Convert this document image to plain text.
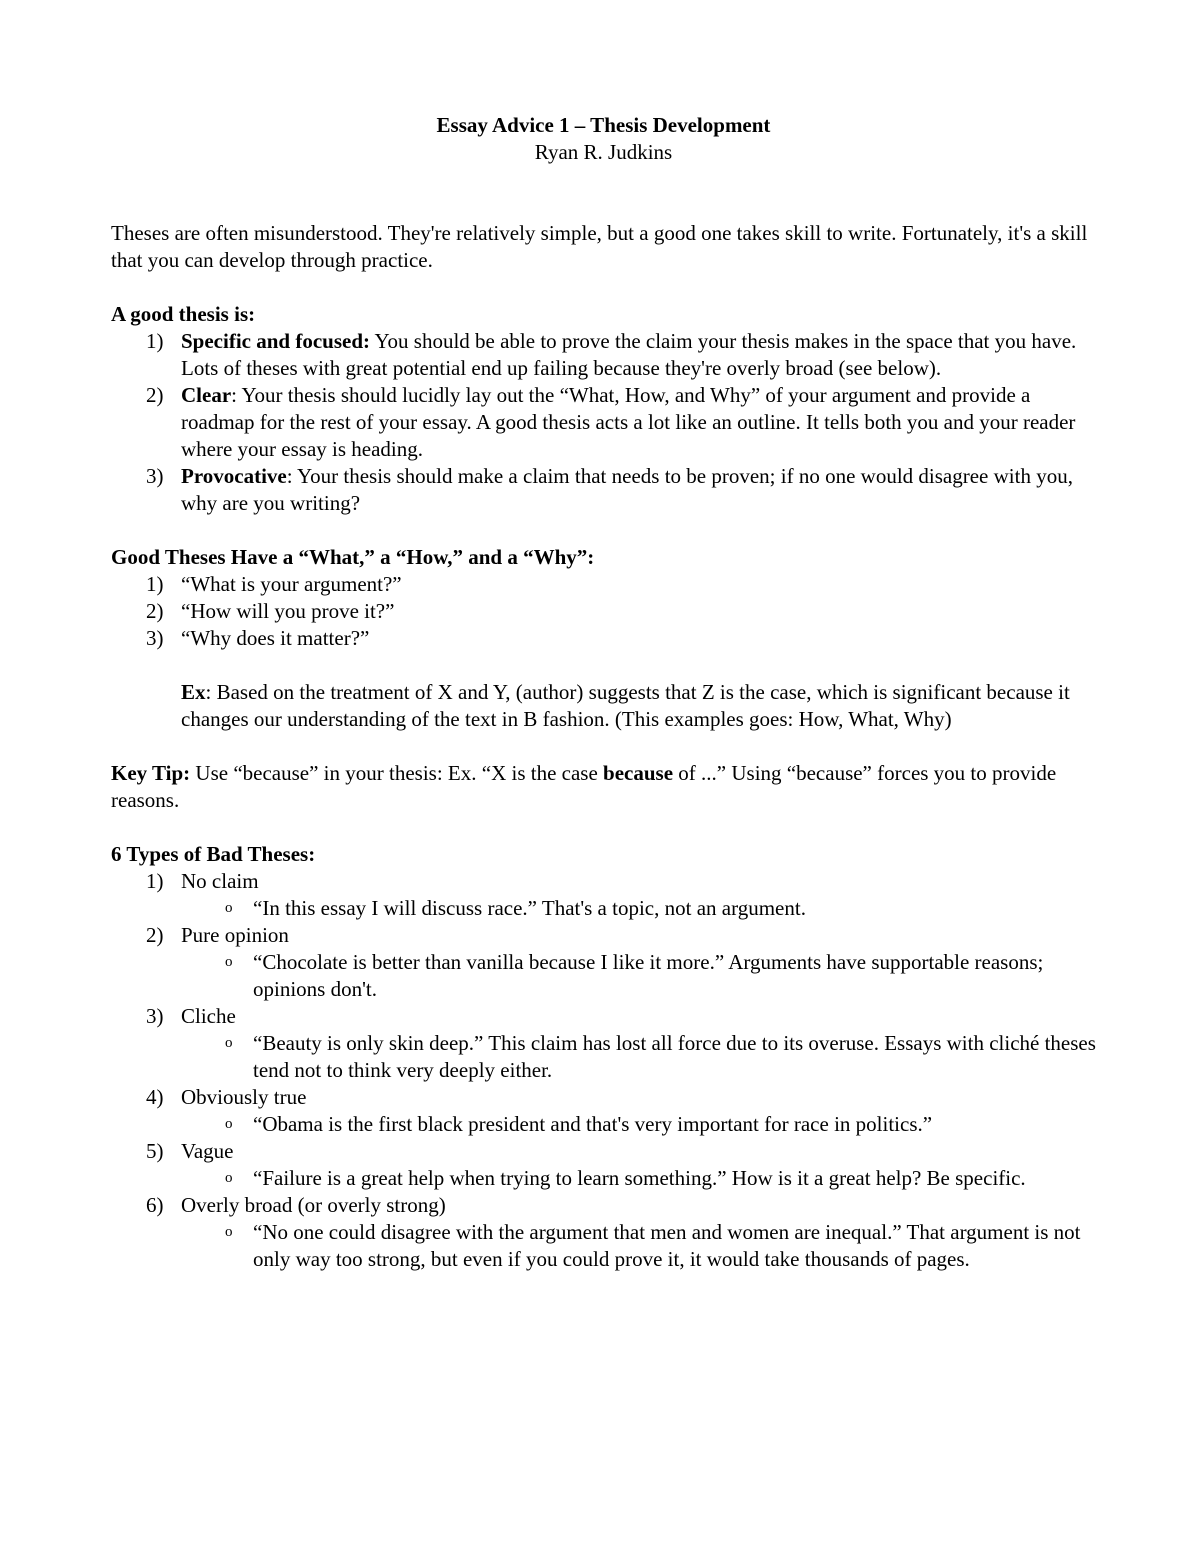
Essay Advice 1 – Thesis Development
Ryan R. Judkins
Theses are often misunderstood. They're relatively simple, but a good one takes skill to write. Fortunately, it's a skill that you can develop through practice.
A good thesis is:
1) Specific and focused: You should be able to prove the claim your thesis makes in the space that you have. Lots of theses with great potential end up failing because they're overly broad (see below).
2) Clear: Your thesis should lucidly lay out the “What, How, and Why” of your argument and provide a roadmap for the rest of your essay. A good thesis acts a lot like an outline. It tells both you and your reader where your essay is heading.
3) Provocative: Your thesis should make a claim that needs to be proven; if no one would disagree with you, why are you writing?
Good Theses Have a “What,” a “How,” and a “Why”:
1) “What is your argument?”
2) “How will you prove it?”
3) “Why does it matter?”
Ex: Based on the treatment of X and Y, (author) suggests that Z is the case, which is significant because it changes our understanding of the text in B fashion. (This examples goes: How, What, Why)
Key Tip: Use “because” in your thesis: Ex. “X is the case because of ...” Using “because” forces you to provide reasons.
6 Types of Bad Theses:
1) No claim
o “In this essay I will discuss race.” That's a topic, not an argument.
2) Pure opinion
o “Chocolate is better than vanilla because I like it more.” Arguments have supportable reasons; opinions don't.
3) Cliche
o “Beauty is only skin deep.” This claim has lost all force due to its overuse. Essays with cliché theses tend not to think very deeply either.
4) Obviously true
o “Obama is the first black president and that's very important for race in politics.”
5) Vague
o “Failure is a great help when trying to learn something.” How is it a great help? Be specific.
6) Overly broad (or overly strong)
o “No one could disagree with the argument that men and women are inequal.” That argument is not only way too strong, but even if you could prove it, it would take thousands of pages.
